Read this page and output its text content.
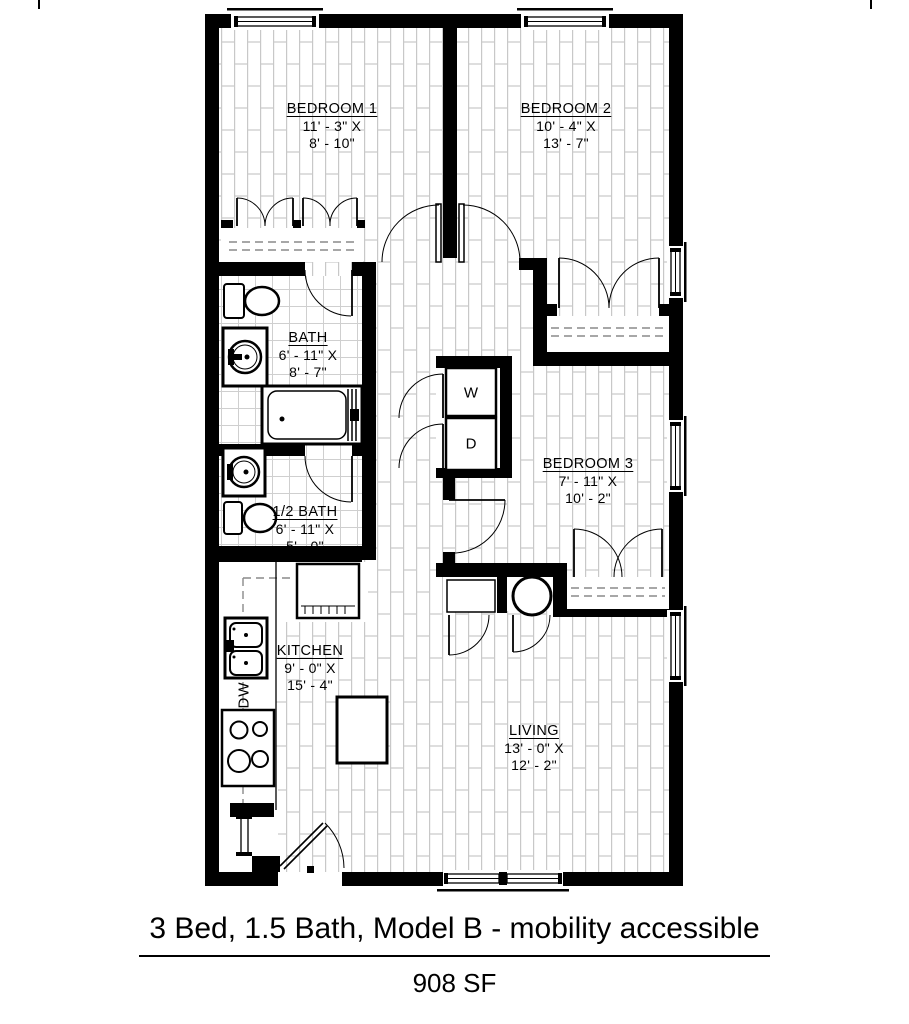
BEDROOM 1
11' - 3" X
8' - 10"
BEDROOM 2
10' - 4" X
13' - 7"
BATH
6' - 11" X
8' - 7"
1/2 BATH
6' - 11" X
5' - 0"
BEDROOM 3
7' - 11" X
10' - 2"
KITCHEN
9' - 0" X
15' - 4"
LIVING
13' - 0" X
12' - 2"
W
D
DW
3 Bed, 1.5 Bath, Model B - mobility accessible
908 SF
